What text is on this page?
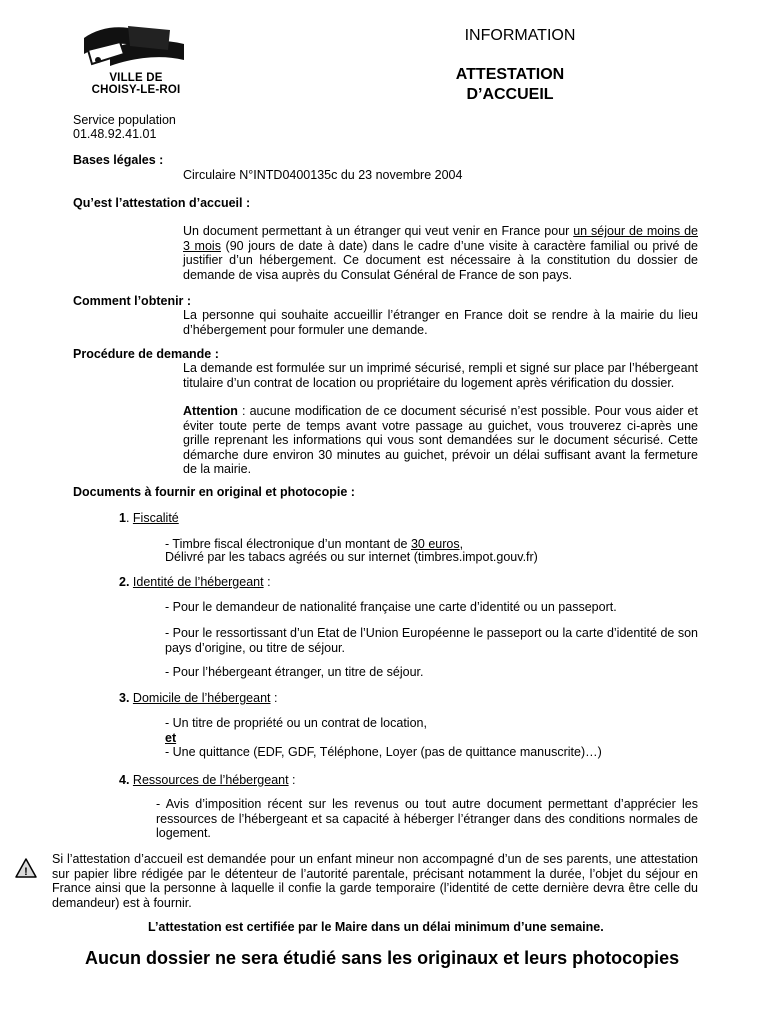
VILLE DE
CHOISY-LE-ROI
INFORMATION
ATTESTATION
D’ACCUEIL
Service population
01.48.92.41.01
Bases légales :
Circulaire N°INTD0400135c du 23 novembre 2004
Qu’est l’attestation d’accueil :

Un document permettant à un étranger qui veut venir en France pour un séjour de moins de 3 mois (90 jours de date à date) dans le cadre d’une visite à caractère familial ou privé de justifier d’un hébergement. Ce document est nécessaire à la constitution du dossier de demande de visa auprès du Consulat Général de France de son pays.

Comment l’obtenir :

La personne qui souhaite accueillir l’étranger en France doit se rendre à la mairie du lieu d’hébergement pour formuler une demande.

Procédure de demande :

La demande est formulée sur un imprimé sécurisé, rempli et signé sur place par l’hébergeant titulaire d’un contrat de location ou propriétaire du logement après vérification du dossier.

Attention : aucune modification de ce document sécurisé n’est possible. Pour vous aider et éviter toute perte de temps avant votre passage au guichet, vous trouverez ci-après une grille reprenant les informations qui vous sont demandées sur le document sécurisé. Cette démarche dure environ 30 minutes au guichet, prévoir un délai suffisant avant la fermeture de la mairie.

Documents à fournir en original et photocopie :
1. Fiscalité
- Timbre fiscal électronique d’un montant de 30 euros,
Délivré par les tabacs agréés ou sur internet (timbres.impot.gouv.fr)
2. Identité de l’hébergeant :
- Pour le demandeur de nationalité française une carte d’identité ou un passeport.

- Pour le ressortissant d’un Etat de l’Union Européenne le passeport ou la carte d’identité de son pays d’origine, ou titre de séjour.

- Pour l’hébergeant étranger, un titre de séjour.
3. Domicile de l’hébergeant :
- Un titre de propriété ou un contrat de location,
et
- Une quittance (EDF, GDF, Téléphone, Loyer (pas de quittance manuscrite)…)
4. Ressources de l’hébergeant :

- Avis d’imposition récent sur les revenus ou tout autre document permettant d’apprécier les ressources de l’hébergeant et sa capacité à héberger l’étranger dans des conditions normales de logement.

!

Si l’attestation d’accueil est demandée pour un enfant mineur non accompagné d’un de ses parents, une attestation sur papier libre rédigée par le détenteur de l’autorité parentale, précisant notamment la durée, l’objet du séjour en France ainsi que la personne à laquelle il confie la garde temporaire (l’identité de cette dernière devra être celle du demandeur) est à fournir.

L’attestation est certifiée par le Maire dans un délai minimum d’une semaine.
Aucun dossier ne sera étudié sans les originaux et leurs photocopies
